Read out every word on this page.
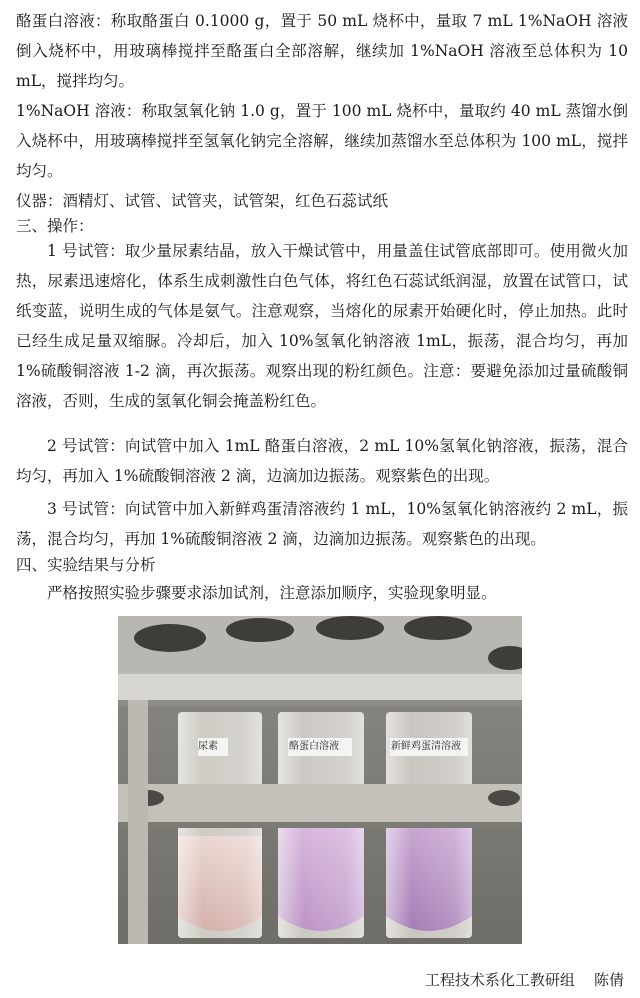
酪蛋白溶液：称取酪蛋白 0.1000 g，置于 50 mL 烧杯中，量取 7 mL 1%NaOH 溶液倒入烧杯中，用玻璃棒搅拌至酪蛋白全部溶解，继续加 1%NaOH 溶液至总体积为 10 mL，搅拌均匀。

1%NaOH 溶液：称取氢氧化钠 1.0 g，置于 100 mL 烧杯中，量取约 40 mL 蒸馏水倒入烧杯中，用玻璃棒搅拌至氢氧化钠完全溶解，继续加蒸馏水至总体积为 100 mL，搅拌均匀。

仪器：酒精灯、试管、试管夹，试管架，红色石蕊试纸

三、操作：

1 号试管：取少量尿素结晶，放入干燥试管中，用量盖住试管底部即可。使用微火加热，尿素迅速熔化，体系生成刺激性白色气体，将红色石蕊试纸润湿，放置在试管口，试纸变蓝，说明生成的气体是氨气。注意观察，当熔化的尿素开始硬化时，停止加热。此时已经生成足量双缩脲。冷却后，加入 10%氢氧化钠溶液 1mL，振荡，混合均匀，再加 1%硫酸铜溶液 1-2 滴，再次振荡。观察出现的粉红颜色。注意：要避免添加过量硫酸铜溶液，否则，生成的氢氧化铜会掩盖粉红色。

2 号试管：向试管中加入 1mL 酪蛋白溶液，2 mL 10%氢氧化钠溶液，振荡，混合均匀，再加入 1%硫酸铜溶液 2 滴，边滴加边振荡。观察紫色的出现。

3 号试管：向试管中加入新鲜鸡蛋清溶液约 1 mL，10%氢氧化钠溶液约 2 mL，振荡，混合均匀，再加 1%硫酸铜溶液 2 滴，边滴加边振荡。观察紫色的出现。

四、实验结果与分析

严格按照实验步骤要求添加试剂，注意添加顺序，实验现象明显。

尿素	酪蛋白溶液	新鲜鸡蛋清溶液
工程技术系化工教研组 陈倩
